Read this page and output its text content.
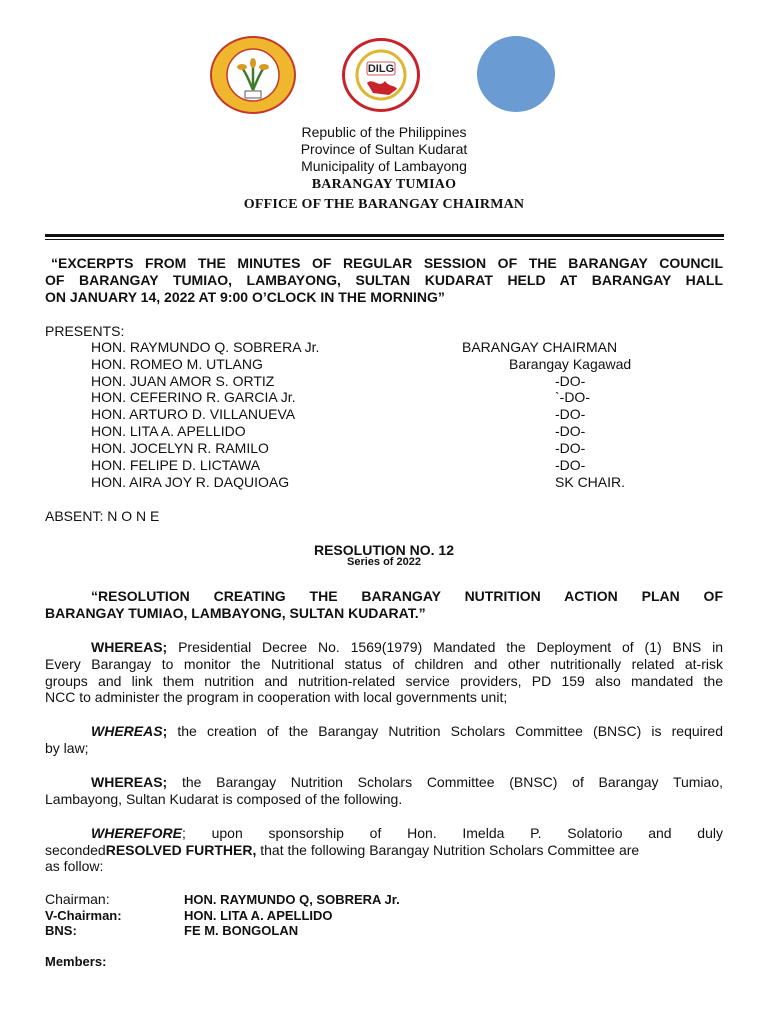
DILG
Republic of the Philippines
Province of Sultan Kudarat
Municipality of Lambayong
BARANGAY TUMIAO
OFFICE OF THE BARANGAY CHAIRMAN
“EXCERPTS FROM THE MINUTES OF REGULAR SESSION OF THE BARANGAY COUNCIL
OF BARANGAY TUMIAO, LAMBAYONG, SULTAN KUDARAT HELD AT BARANGAY HALL
ON JANUARY 14, 2022 AT 9:00 O’CLOCK IN THE MORNING”
PRESENTS:
HON. RAYMUNDO Q. SOBRERA Jr.	BARANGAY CHAIRMAN
HON. ROMEO M. UTLANG	Barangay Kagawad
HON. JUAN AMOR S. ORTIZ	-DO-
HON. CEFERINO R. GARCIA Jr.	`-DO-
HON. ARTURO D. VILLANUEVA	-DO-
HON. LITA A. APELLIDO	-DO-
HON. JOCELYN R. RAMILO	-DO-
HON. FELIPE D. LICTAWA	-DO-
HON. AIRA JOY R. DAQUIOAG	SK CHAIR.
ABSENT: N O N E
RESOLUTION NO. 12
Series of 2022
“RESOLUTION CREATING THE BARANGAY NUTRITION ACTION PLAN OF
BARANGAY TUMIAO, LAMBAYONG, SULTAN KUDARAT.”
WHEREAS; Presidential Decree No. 1569(1979) Mandated the Deployment of (1) BNS in
Every Barangay to monitor the Nutritional status of children and other nutritionally related at-risk
groups and link them nutrition and nutrition-related service providers, PD 159 also mandated the
NCC to administer the program in cooperation with local governments unit;
WHEREAS; the creation of the Barangay Nutrition Scholars Committee (BNSC) is required
by law;
WHEREAS; the Barangay Nutrition Scholars Committee (BNSC) of Barangay Tumiao,
Lambayong, Sultan Kudarat is composed of the following.
WHEREFORE; upon sponsorship of Hon. Imelda P. Solatorio and duly
secondedRESOLVED FURTHER, that the following Barangay Nutrition Scholars Committee are
as follow:
Chairman:	HON. RAYMUNDO Q, SOBRERA Jr.
V-Chairman:	HON. LITA A. APELLIDO
BNS:	FE M. BONGOLAN
Members:
